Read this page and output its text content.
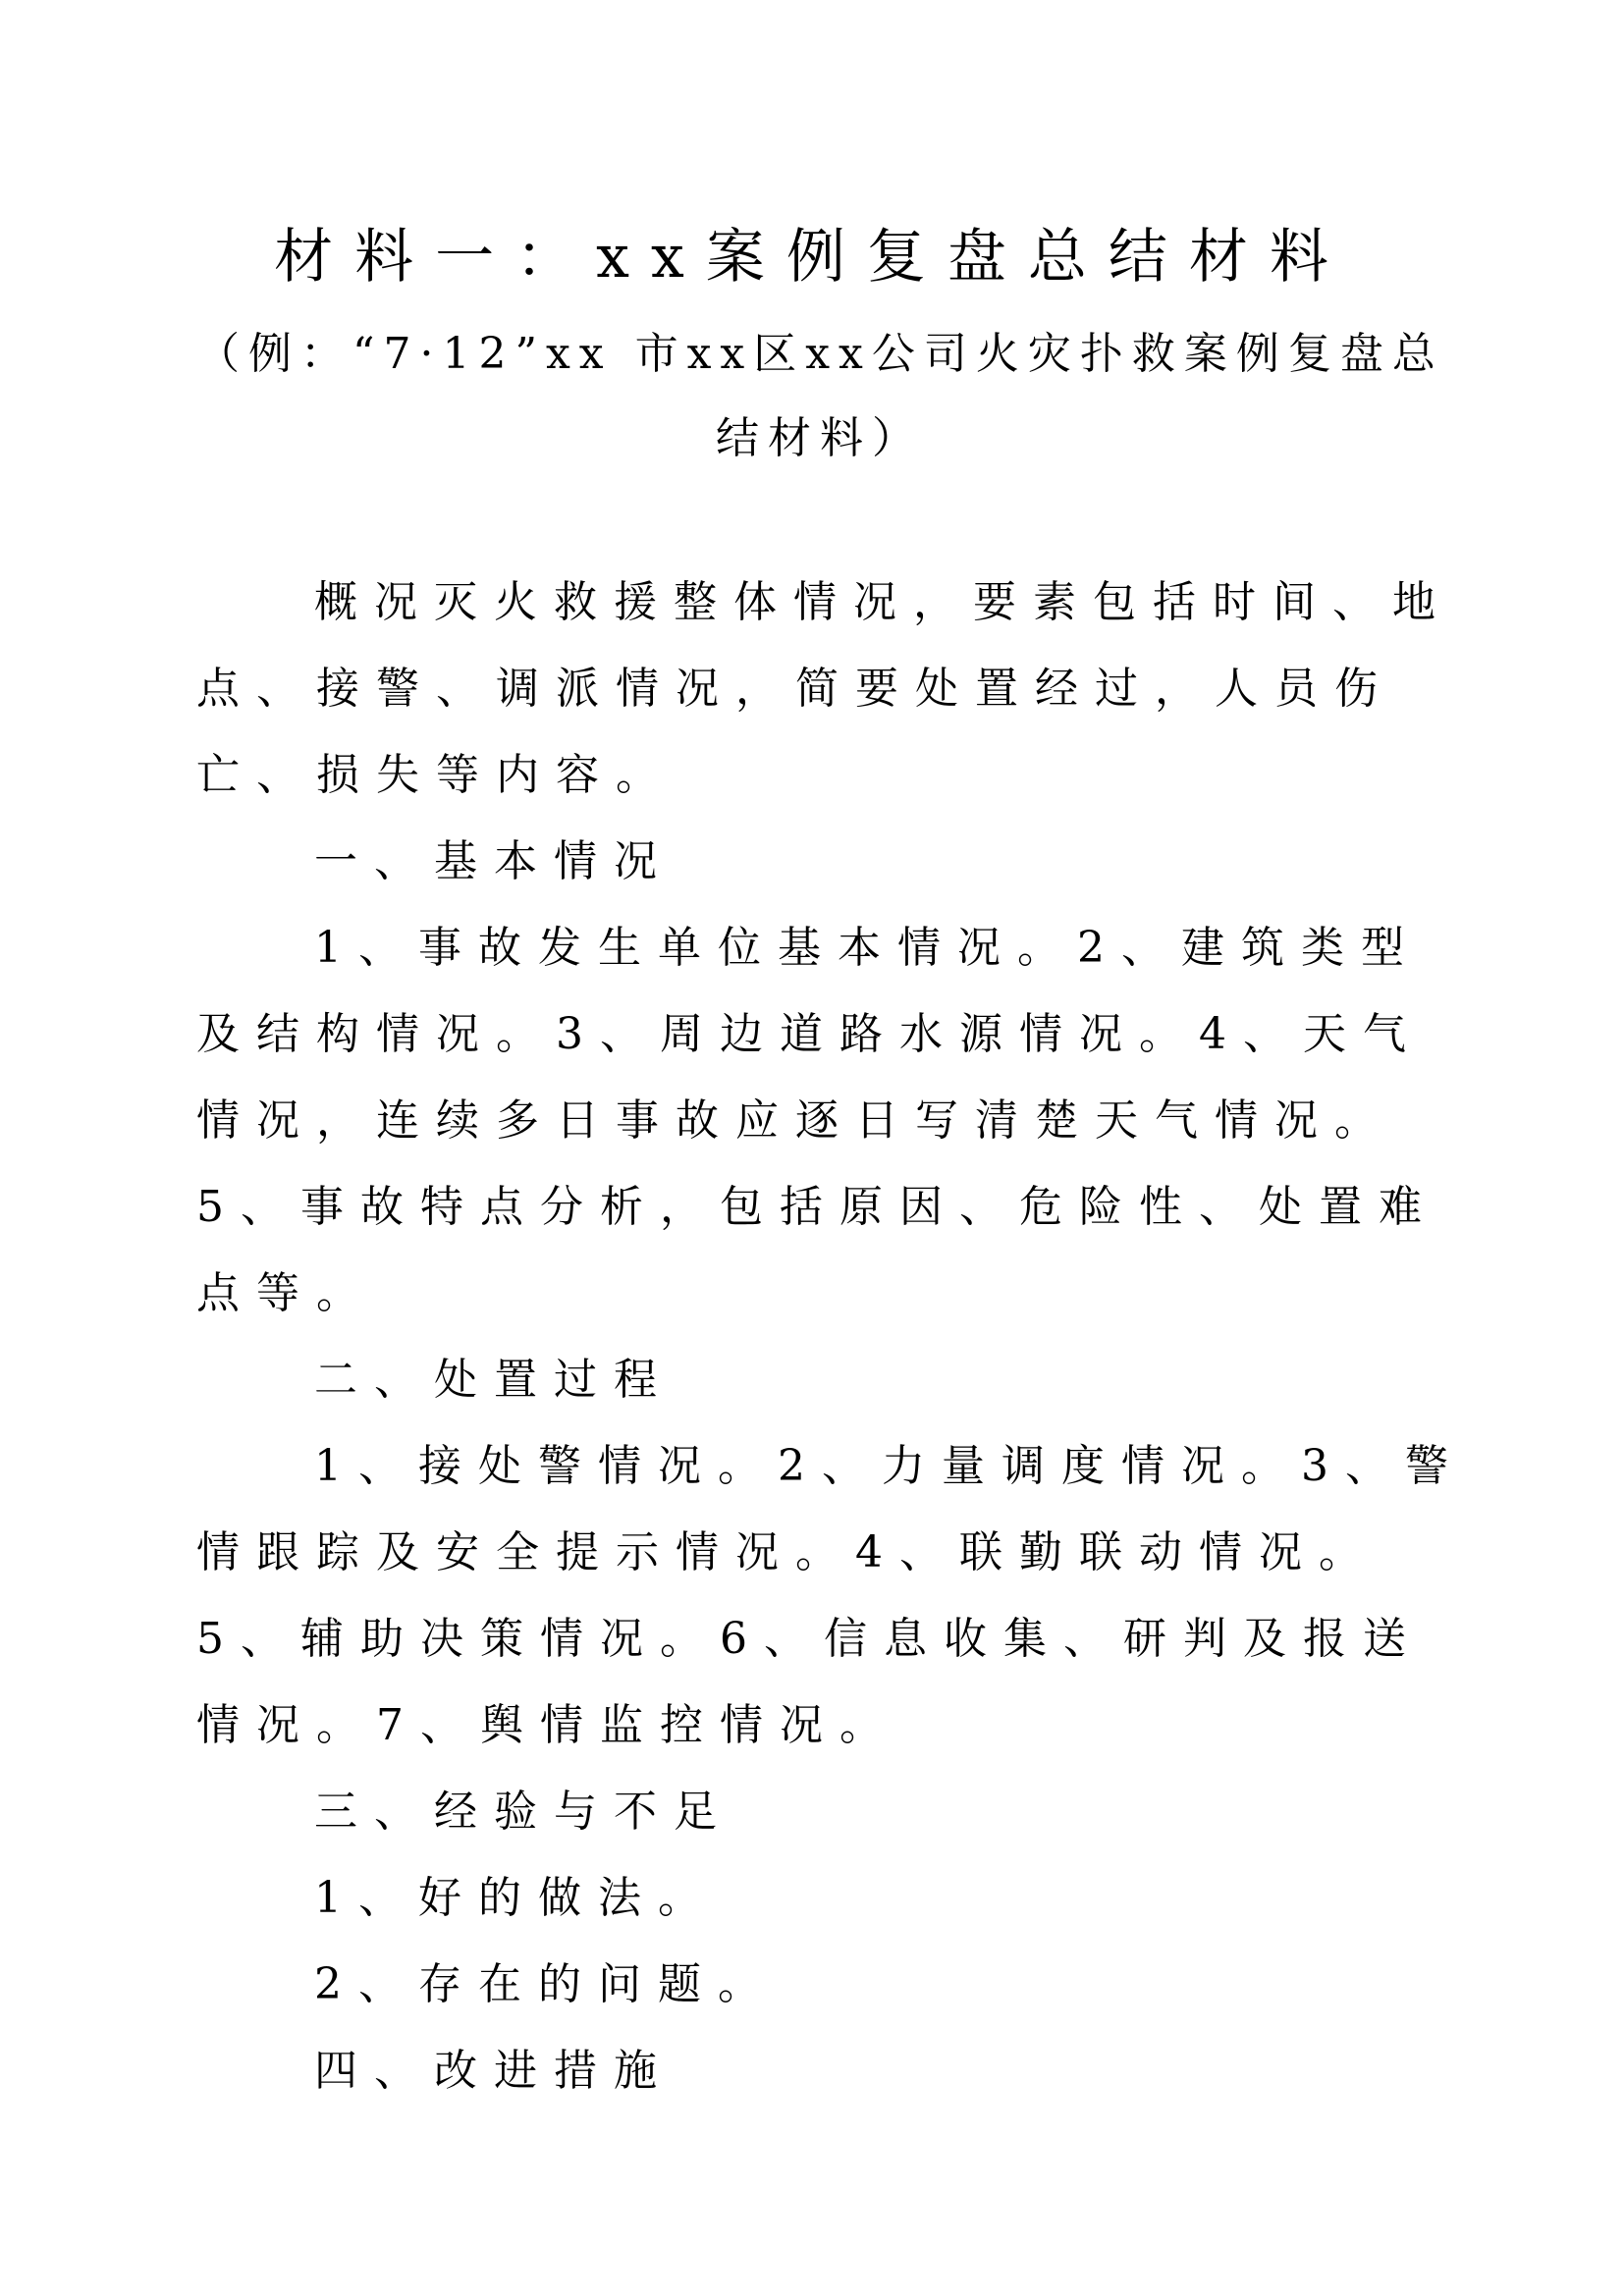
材料一：xx案例复盘总结材料
（例：“7·12”xx 市xx区xx公司火灾扑救案例复盘总
结材料）

概况灭火救援整体情况，要素包括时间、地点、接警、调派情况，简要处置经过，人员伤亡、损失等内容。

一、基本情况

1、事故发生单位基本情况。2、建筑类型及结构情况。3、周边道路水源情况。4、天气情况，连续多日事故应逐日写清楚天气情况。5、事故特点分析，包括原因、危险性、处置难点等。

二、处置过程

1、接处警情况。2、力量调度情况。3、警情跟踪及安全提示情况。4、联勤联动情况。5、辅助决策情况。6、信息收集、研判及报送情况。7、舆情监控情况。

三、经验与不足

1、好的做法。

2、存在的问题。

四、改进措施
